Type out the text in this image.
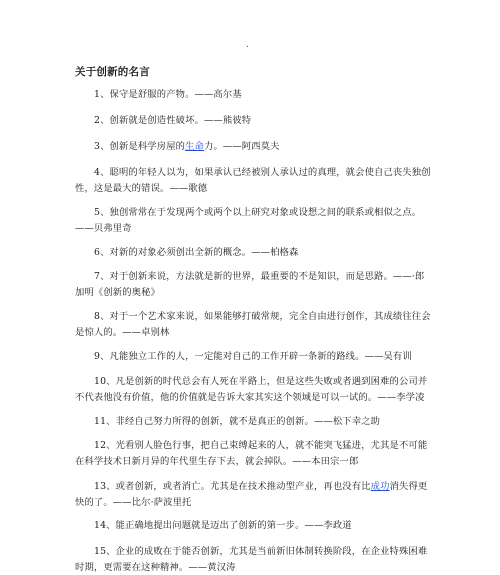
.
关于创新的名言
1、保守是舒服的产物。——高尔基
2、创新就是创造性破坏。——熊彼特
3、创新是科学房屋的生命力。——阿西莫夫
4、聪明的年轻人以为，如果承认已经被别人承认过的真理，就会使自己丧失独创性，这是最大的错误。——歌德
5、独创常常在于发现两个或两个以上研究对象或设想之间的联系或相似之点。——贝弗里奇
6、对新的对象必须创出全新的概念。——柏格森
7、对于创新来说，方法就是新的世界，最重要的不是知识，而是思路。——·郎加明《创新的奥秘》
8、对于一个艺术家来说，如果能够打破常规，完全自由进行创作，其成绩往往会是惊人的。——卓别林
9、凡能独立工作的人，一定能对自己的工作开辟一条新的路线。——吴有训
10、凡是创新的时代总会有人死在半路上，但是这些失败或者遇到困难的公司并不代表他没有价值，他的价值就是告诉大家其实这个领域是可以一试的。——李学凌
11、非经自己努力所得的创新，就不是真正的创新。——松下幸之助
12、光看别人脸色行事，把自己束缚起来的人，就不能突飞猛进，尤其是不可能在科学技术日新月异的年代里生存下去，就会掉队。——本田宗一郎
13、或者创新，或者消亡。尤其是在技术推动型产业，再也没有比成功消失得更快的了。——比尔·萨波里托
14、能正确地提出问题就是迈出了创新的第一步。——李政道
15、企业的成败在于能否创新，尤其是当前新旧体制转换阶段，在企业特殊困难时期，更需要在这种精神。——黄汉涛
